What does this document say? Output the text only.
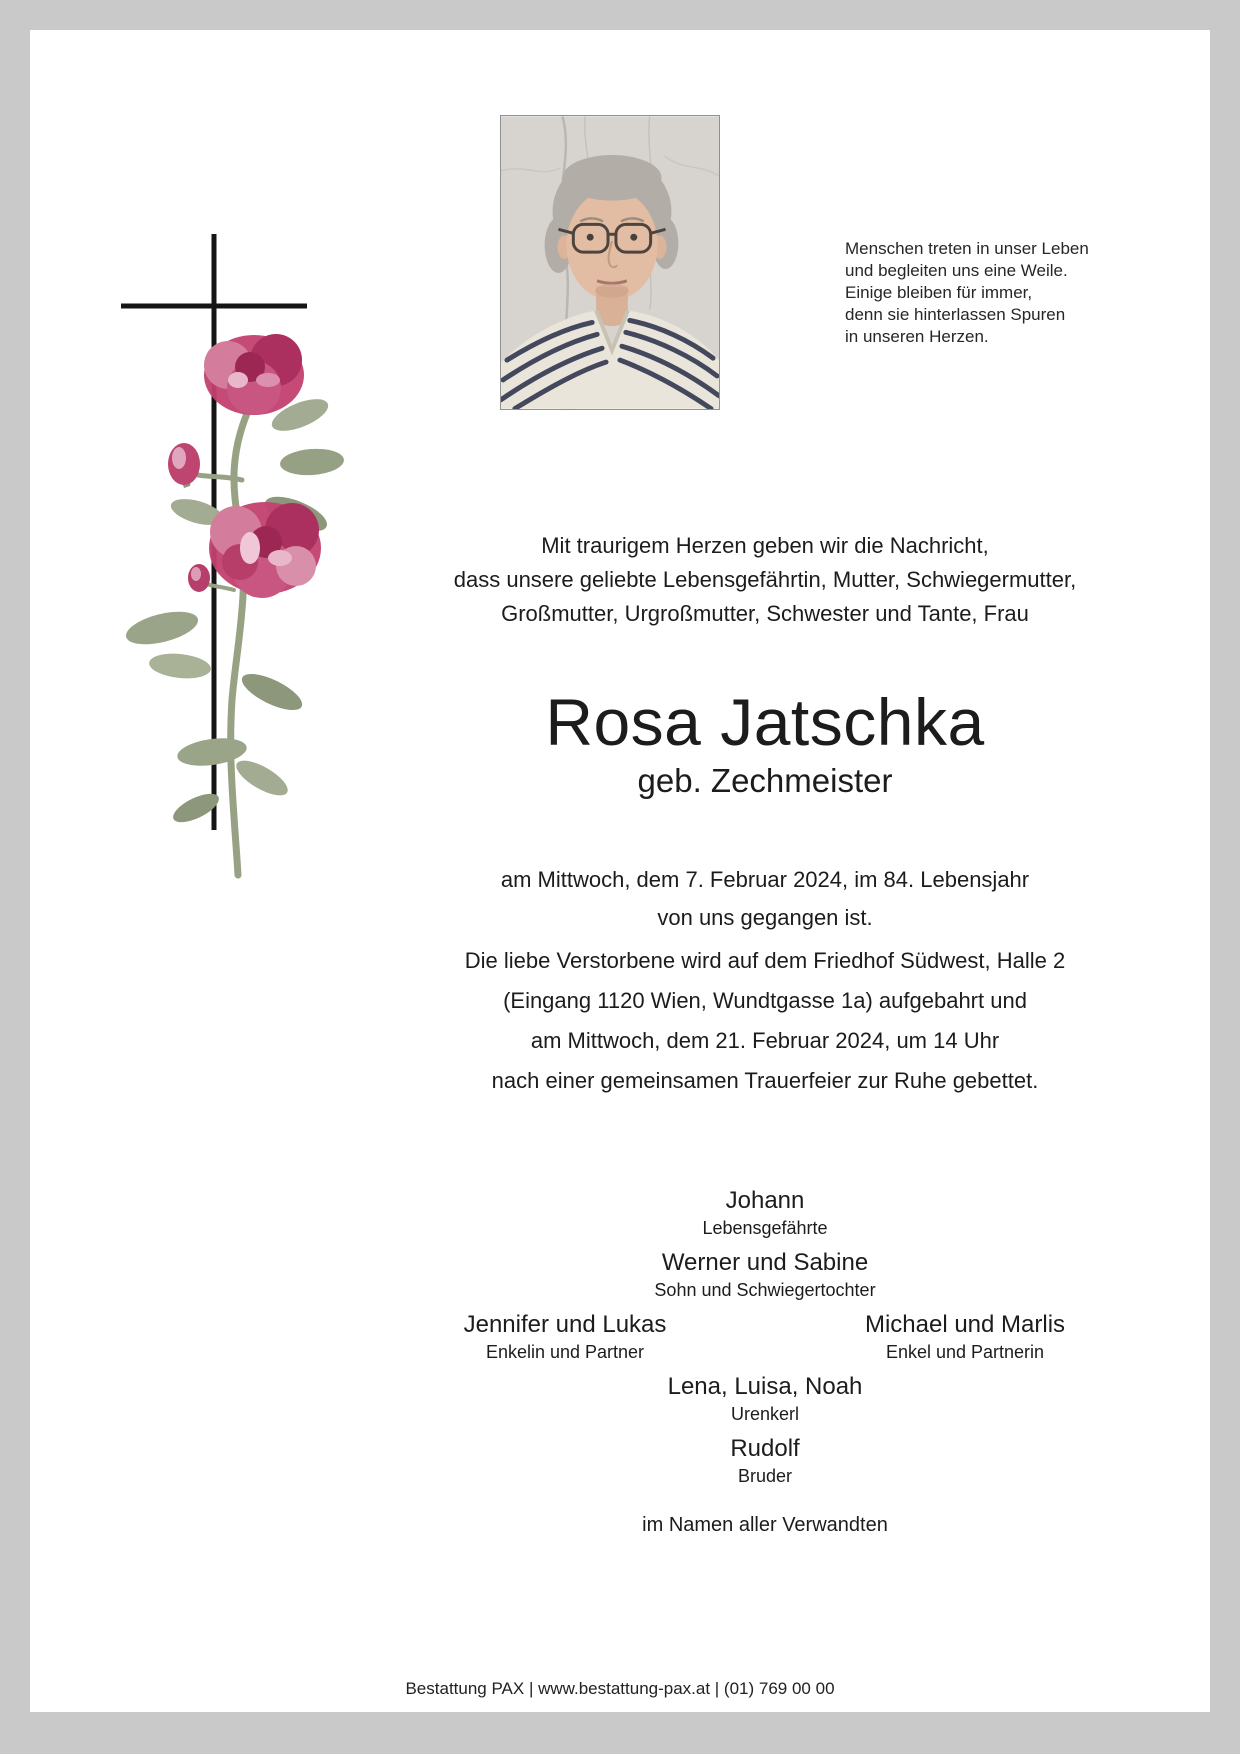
Menschen treten in unser Leben
und begleiten uns eine Weile.
Einige bleiben für immer,
denn sie hinterlassen Spuren
in unseren Herzen.
Mit traurigem Herzen geben wir die Nachricht,
dass unsere geliebte Lebensgefährtin, Mutter, Schwiegermutter,
Großmutter, Urgroßmutter, Schwester und Tante, Frau
Rosa Jatschka
geb. Zechmeister
am Mittwoch, dem 7. Februar 2024, im 84. Lebensjahr
von uns gegangen ist.
Die liebe Verstorbene wird auf dem Friedhof Südwest, Halle 2
(Eingang 1120 Wien, Wundtgasse 1a) aufgebahrt und
am Mittwoch, dem 21. Februar 2024, um 14 Uhr
nach einer gemeinsamen Trauerfeier zur Ruhe gebettet.
Johann
Lebensgefährte
Werner und Sabine
Sohn und Schwiegertochter
Jennifer und Lukas
Enkelin und Partner
Michael und Marlis
Enkel und Partnerin
Lena, Luisa, Noah
Urenkerl
Rudolf
Bruder
im Namen aller Verwandten
Bestattung PAX | www.bestattung-pax.at | (01) 769 00 00
